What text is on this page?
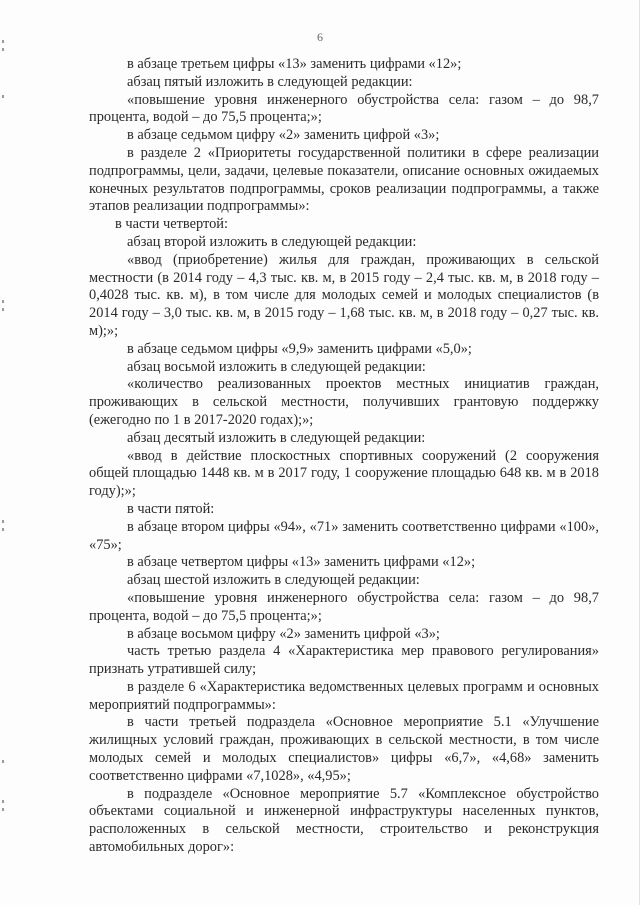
6

в абзаце третьем цифры «13» заменить цифрами «12»;

абзац пятый изложить в следующей редакции:

«повышение уровня инженерного обустройства села: газом – до 98,7 процента, водой – до 75,5 процента;»;

в абзаце седьмом цифру «2» заменить цифрой «3»;

в разделе 2 «Приоритеты государственной политики в сфере реализации подпрограммы, цели, задачи, целевые показатели, описание основных ожидаемых конечных результатов подпрограммы, сроков реализации подпрограммы, а также этапов реализации подпрограммы»:

в части четвертой:

абзац второй изложить в следующей редакции:

«ввод (приобретение) жилья для граждан, проживающих в сельской местности (в 2014 году – 4,3 тыс. кв. м, в 2015 году – 2,4 тыс. кв. м, в 2018 году – 0,4028 тыс. кв. м), в том числе для молодых семей и молодых специалистов (в 2014 году – 3,0 тыс. кв. м, в 2015 году – 1,68 тыс. кв. м, в 2018 году – 0,27 тыс. кв. м);»;

в абзаце седьмом цифры «9,9» заменить цифрами «5,0»;

абзац восьмой изложить в следующей редакции:

«количество реализованных проектов местных инициатив граждан, проживающих в сельской местности, получивших грантовую поддержку (ежегодно по 1 в 2017-2020 годах);»;

абзац десятый изложить в следующей редакции:

«ввод в действие плоскостных спортивных сооружений (2 сооружения общей площадью 1448 кв. м в 2017 году, 1 сооружение площадью 648 кв. м в 2018 году);»;

в части пятой:

в абзаце втором цифры «94», «71» заменить соответственно цифрами «100», «75»;

в абзаце четвертом цифры «13» заменить цифрами «12»;

абзац шестой изложить в следующей редакции:

«повышение уровня инженерного обустройства села: газом – до 98,7 процента, водой – до 75,5 процента;»;

в абзаце восьмом цифру «2» заменить цифрой «3»;

часть третью раздела 4 «Характеристика мер правового регулирования» признать утратившей силу;

в разделе 6 «Характеристика ведомственных целевых программ и основных мероприятий подпрограммы»:

в части третьей подраздела «Основное мероприятие 5.1 «Улучшение жилищных условий граждан, проживающих в сельской местности, в том числе молодых семей и молодых специалистов» цифры «6,7», «4,68» заменить соответственно цифрами «7,1028», «4,95»;

в подразделе «Основное мероприятие 5.7 «Комплексное обустройство объектами социальной и инженерной инфраструктуры населенных пунктов, расположенных в сельской местности, строительство и реконструкция автомобильных дорог»:
